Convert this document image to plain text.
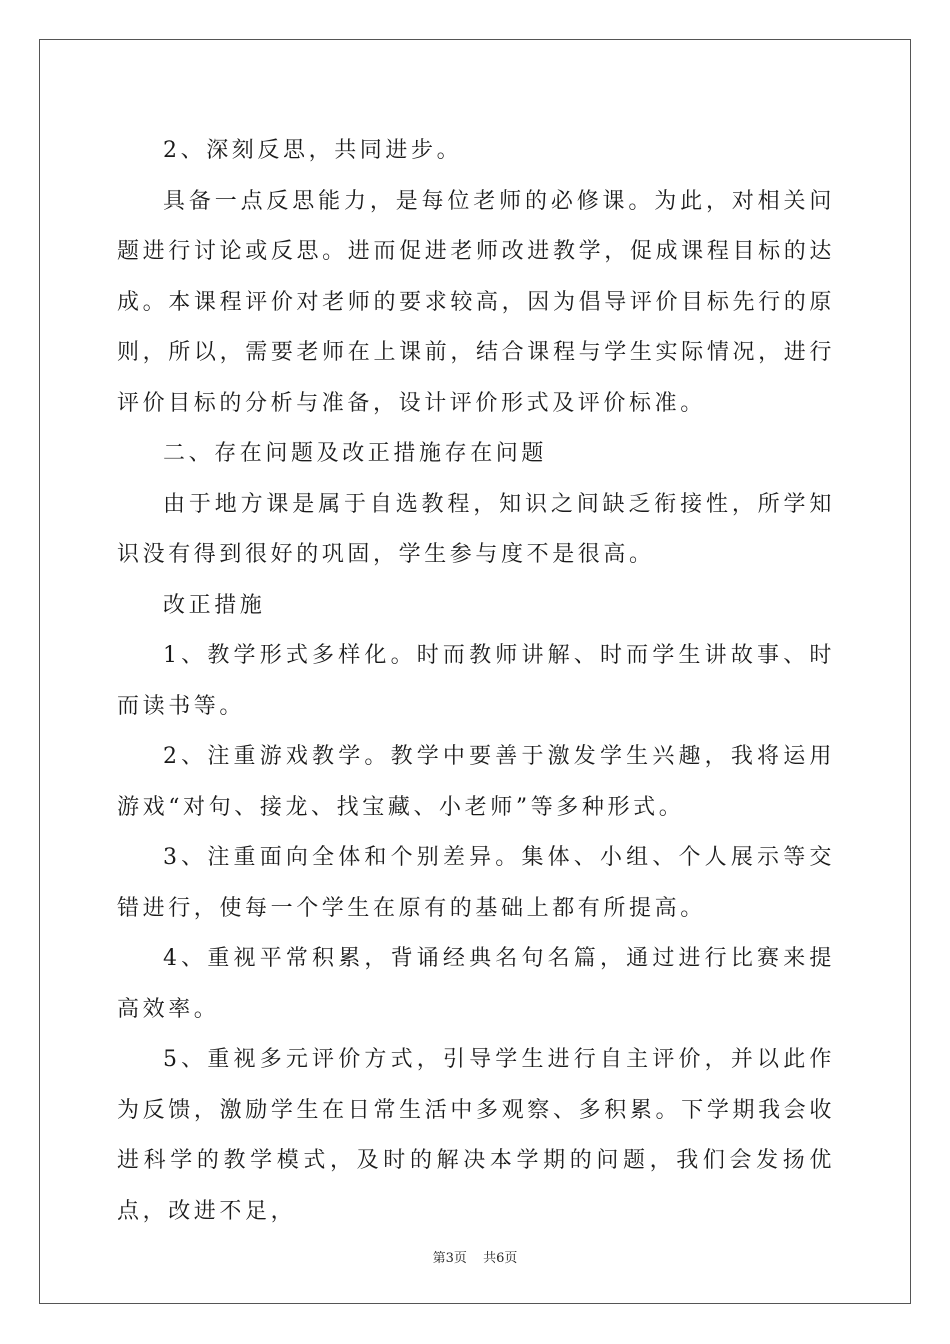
2、深刻反思，共同进步。

具备一点反思能力，是每位老师的必修课。为此，对相关问题进行讨论或反思。进而促进老师改进教学，促成课程目标的达成。本课程评价对老师的要求较高，因为倡导评价目标先行的原则，所以，需要老师在上课前，结合课程与学生实际情况，进行评价目标的分析与准备，设计评价形式及评价标准。

二、存在问题及改正措施存在问题

由于地方课是属于自选教程，知识之间缺乏衔接性，所学知识没有得到很好的巩固，学生参与度不是很高。

改正措施

1、教学形式多样化。时而教师讲解、时而学生讲故事、时而读书等。

2、注重游戏教学。教学中要善于激发学生兴趣，我将运用游戏“对句、接龙、找宝藏、小老师”等多种形式。

3、注重面向全体和个别差异。集体、小组、个人展示等交错进行，使每一个学生在原有的基础上都有所提高。

4、重视平常积累，背诵经典名句名篇，通过进行比赛来提高效率。

5、重视多元评价方式，引导学生进行自主评价，并以此作为反馈，激励学生在日常生活中多观察、多积累。下学期我会收进科学的教学模式，及时的解决本学期的问题，我们会发扬优点，改进不足，

第3页 共6页
